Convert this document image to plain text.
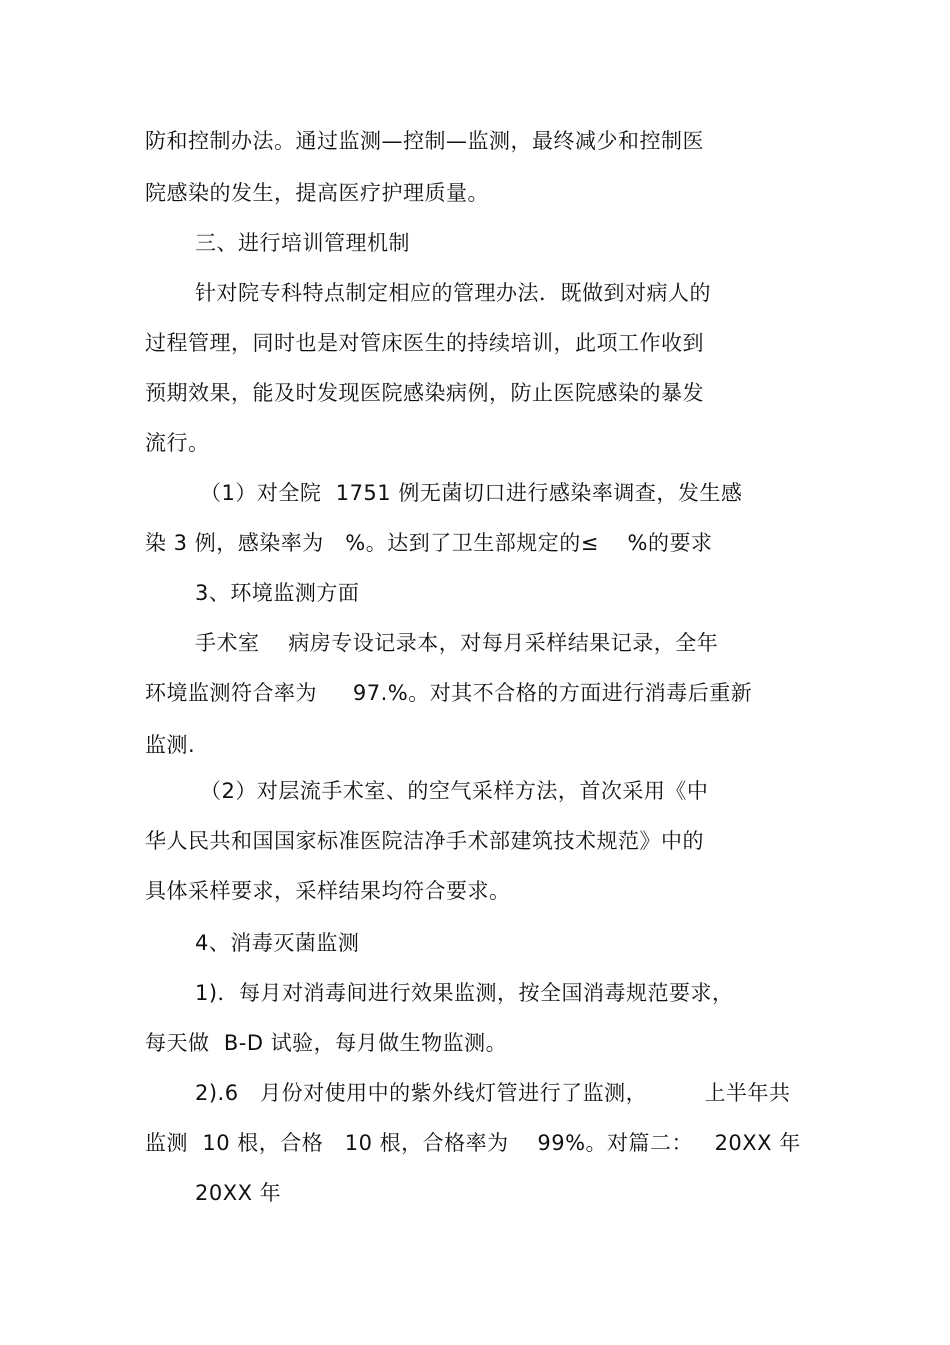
防和控制办法。通过监测—控制—监测，最终减少和控制医
院感染的发生，提高医疗护理质量。
三、进行培训管理机制
针对院专科特点制定相应的管理办法．既做到对病人的
过程管理，同时也是对管床医生的持续培训，此项工作收到
预期效果，能及时发现医院感染病例，防止医院感染的暴发
流行。
（1）对全院  1751 例无菌切口进行感染率调查，发生感
染 3 例，感染率为   %。达到了卫生部规定的≤    %的要求
3、环境监测方面
手术室    病房专设记录本，对每月采样结果记录，全年
环境监测符合率为     97.%。对其不合格的方面进行消毒后重新
监测.
（2）对层流手术室、的空气采样方法，首次采用《中
华人民共和国国家标准医院洁净手术部建筑技术规范》中的
具体采样要求，采样结果均符合要求。
4、消毒灭菌监测
1)．每月对消毒间进行效果监测，按全国消毒规范要求，
每天做  B-D 试验，每月做生物监测。
2).6   月份对使用中的紫外线灯管进行了监测，        上半年共
监测  10 根，合格   10 根，合格率为    99%。对篇二：   20XX 年
20XX 年
